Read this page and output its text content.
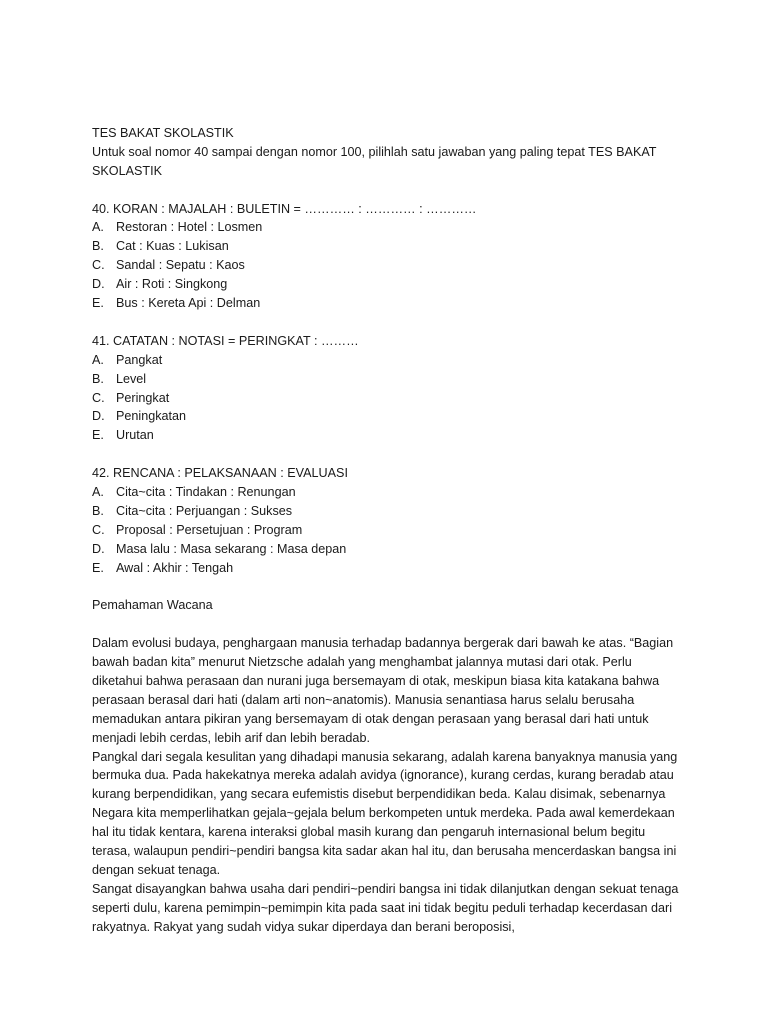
TES BAKAT SKOLASTIK
Untuk soal nomor 40 sampai dengan nomor 100, pilihlah satu jawaban yang paling tepat TES BAKAT SKOLASTIK
40. KORAN : MAJALAH : BULETIN = ………… : ………… : …………
A. Restoran : Hotel : Losmen
B. Cat : Kuas : Lukisan
C. Sandal : Sepatu : Kaos
D. Air : Roti : Singkong
E. Bus : Kereta Api : Delman
41. CATATAN : NOTASI = PERINGKAT : ………
A. Pangkat
B. Level
C. Peringkat
D. Peningkatan
E. Urutan
42. RENCANA : PELAKSANAAN : EVALUASI
A. Cita~cita : Tindakan : Renungan
B. Cita~cita : Perjuangan : Sukses
C. Proposal : Persetujuan : Program
D. Masa lalu : Masa sekarang : Masa depan
E. Awal : Akhir : Tengah
Pemahaman Wacana
Dalam evolusi budaya, penghargaan manusia terhadap badannya bergerak dari bawah ke atas. “Bagian bawah badan kita” menurut Nietzsche adalah yang menghambat jalannya mutasi dari otak. Perlu diketahui bahwa perasaan dan nurani juga bersemayam di otak, meskipun biasa kita katakana bahwa perasaan berasal dari hati (dalam arti non~anatomis). Manusia senantiasa harus selalu berusaha memadukan antara pikiran yang bersemayam di otak dengan perasaan yang berasal dari hati untuk menjadi lebih cerdas, lebih arif dan lebih beradab.
Pangkal dari segala kesulitan yang dihadapi manusia sekarang, adalah karena banyaknya manusia yang bermuka dua. Pada hakekatnya mereka adalah avidya (ignorance), kurang cerdas, kurang beradab atau kurang berpendidikan, yang secara eufemistis disebut berpendidikan beda. Kalau disimak, sebenarnya Negara kita memperlihatkan gejala~gejala belum berkompeten untuk merdeka. Pada awal kemerdekaan hal itu tidak kentara, karena interaksi global masih kurang dan pengaruh internasional belum begitu terasa, walaupun pendiri~pendiri bangsa kita sadar akan hal itu, dan berusaha mencerdaskan bangsa ini dengan sekuat tenaga.
Sangat disayangkan bahwa usaha dari pendiri~pendiri bangsa ini tidak dilanjutkan dengan sekuat tenaga seperti dulu, karena pemimpin~pemimpin kita pada saat ini tidak begitu peduli terhadap kecerdasan dari rakyatnya. Rakyat yang sudah vidya sukar diperdaya dan berani beroposisi,
